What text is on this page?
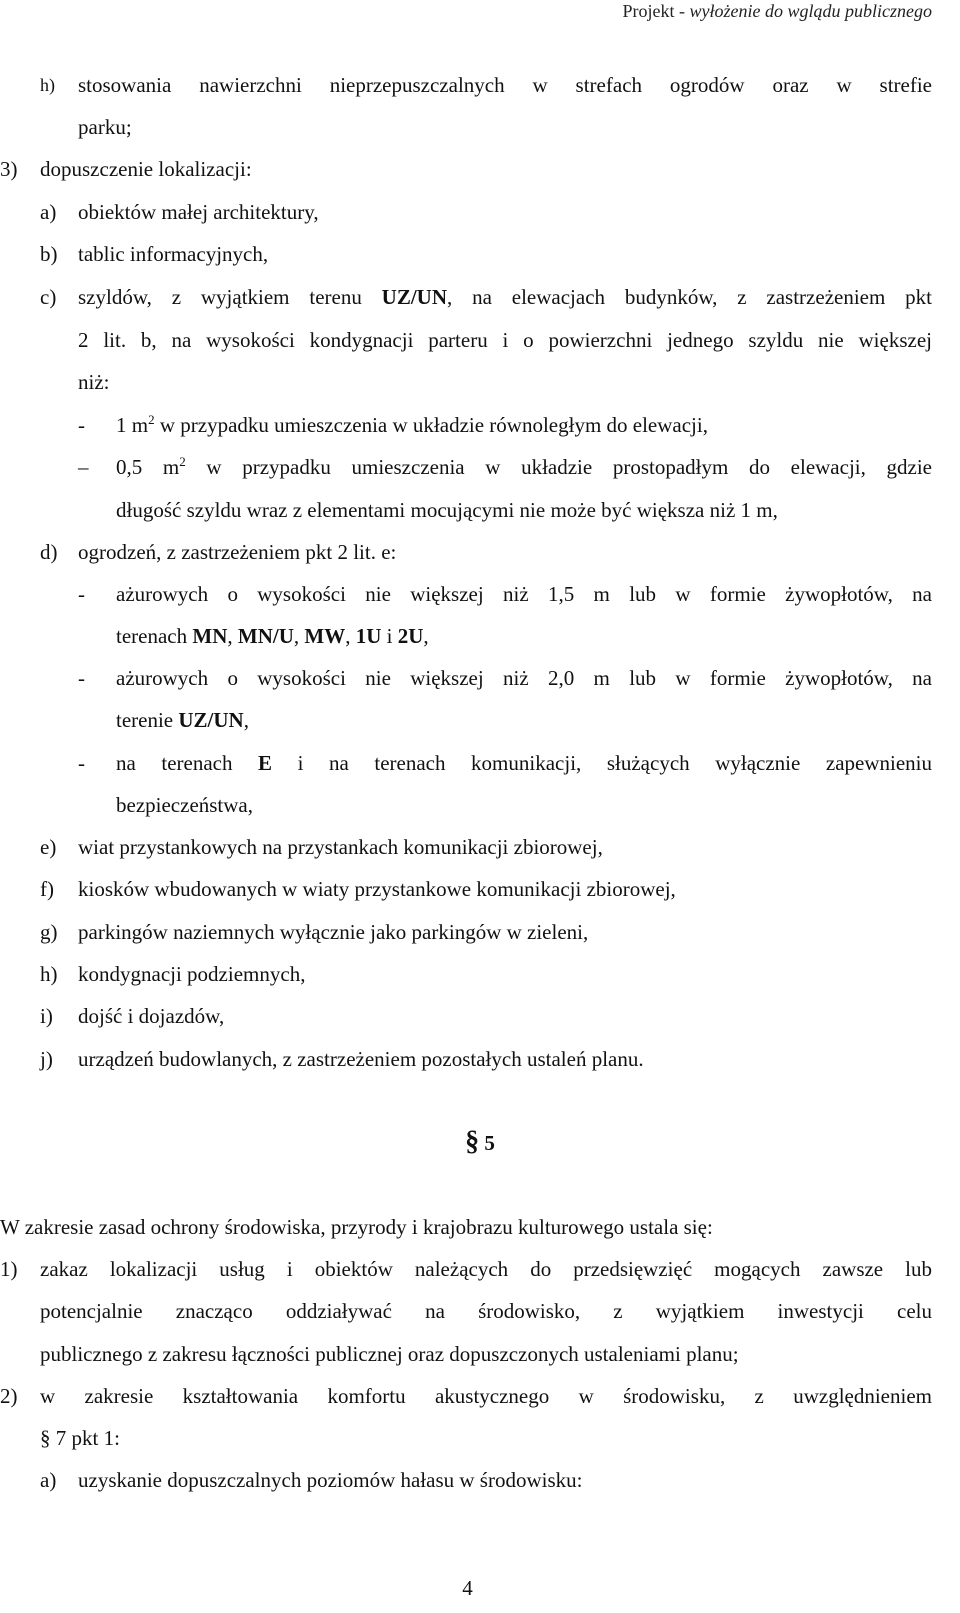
Projekt - wyłożenie do wglądu publicznego
h) stosowania nawierzchni nieprzepuszczalnych w strefach ogrodów oraz w strefie
parku;
3) dopuszczenie lokalizacji:
a) obiektów małej architektury,
b) tablic informacyjnych,
c) szyldów, z wyjątkiem terenu UZ/UN, na elewacjach budynków, z zastrzeżeniem pkt
2 lit. b, na wysokości kondygnacji parteru i o powierzchni jednego szyldu nie większej
niż:
- 1 $m^2$ w przypadku umieszczenia w układzie równoległym do elewacji,
– 0,5 $m^2$ w przypadku umieszczenia w układzie prostopadłym do elewacji, gdzie
długość szyldu wraz z elementami mocującymi nie może być większa niż 1 m,
d) ogrodzeń, z zastrzeżeniem pkt 2 lit. e:
- ażurowych o wysokości nie większej niż 1,5 m lub w formie żywopłotów, na
terenach MN, MN/U, MW, 1U i 2U,
- ażurowych o wysokości nie większej niż 2,0 m lub w formie żywopłotów, na
terenie UZ/UN,
- na terenach E i na terenach komunikacji, służących wyłącznie zapewnieniu
bezpieczeństwa,
e) wiat przystankowych na przystankach komunikacji zbiorowej,
f) kiosków wbudowanych w wiaty przystankowe komunikacji zbiorowej,
g) parkingów naziemnych wyłącznie jako parkingów w zieleni,
h) kondygnacji podziemnych,
i) dojść i dojazdów,
j) urządzeń budowlanych, z zastrzeżeniem pozostałych ustaleń planu.
§ 5
W zakresie zasad ochrony środowiska, przyrody i krajobrazu kulturowego ustala się:
1) zakaz lokalizacji usług i obiektów należących do przedsięwzięć mogących zawsze lub
potencjalnie znacząco oddziaływać na środowisko, z wyjątkiem inwestycji celu
publicznego z zakresu łączności publicznej oraz dopuszczonych ustaleniami planu;
2) w zakresie kształtowania komfortu akustycznego w środowisku, z uwzględnieniem
§ 7 pkt 1:
a) uzyskanie dopuszczalnych poziomów hałasu w środowisku:
4
